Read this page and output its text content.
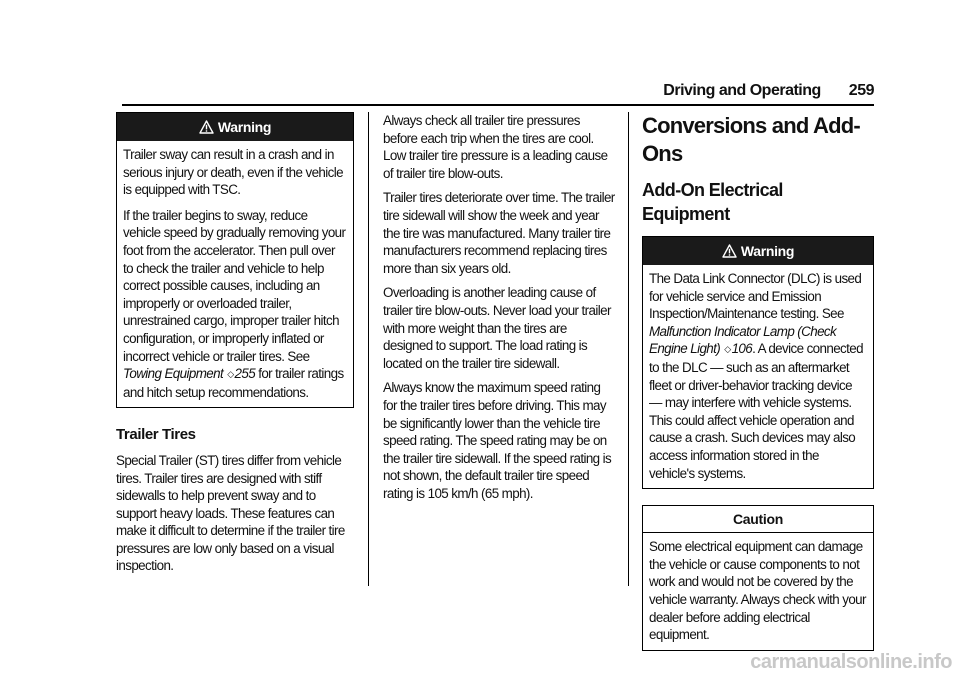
Driving and Operating 259
Warning

Trailer sway can result in a crash and in serious injury or death, even if the vehicle is equipped with TSC.

If the trailer begins to sway, reduce vehicle speed by gradually removing your foot from the accelerator. Then pull over to check the trailer and vehicle to help correct possible causes, including an improperly or overloaded trailer, unrestrained cargo, improper trailer hitch configuration, or improperly inflated or incorrect vehicle or trailer tires. See
Towing Equipment ◇255 for trailer ratings and hitch setup recommendations.

Trailer Tires

Special Trailer (ST) tires differ from vehicle tires. Trailer tires are designed with stiff sidewalls to help prevent sway and to support heavy loads. These features can make it difficult to determine if the trailer tire pressures are low only based on a visual inspection.

Always check all trailer tire pressures before each trip when the tires are cool. Low trailer tire pressure is a leading cause of trailer tire blow-outs.

Trailer tires deteriorate over time. The trailer tire sidewall will show the week and year the tire was manufactured. Many trailer tire manufacturers recommend replacing tires more than six years old.

Overloading is another leading cause of trailer tire blow-outs. Never load your trailer with more weight than the tires are designed to support. The load rating is located on the trailer tire sidewall.

Always know the maximum speed rating for the trailer tires before driving. This may be significantly lower than the vehicle tire speed rating. The speed rating may be on the trailer tire sidewall. If the speed rating is not shown, the default trailer tire speed rating is 105 km/h (65 mph).

Conversions and Add-Ons
Add-On Electrical Equipment
Warning

The Data Link Connector (DLC) is used for vehicle service and Emission Inspection/Maintenance testing. See
Malfunction Indicator Lamp (Check Engine Light) ◇106. A device connected to the DLC — such as an aftermarket fleet or driver-behavior tracking device — may interfere with vehicle systems. This could affect vehicle operation and cause a crash. Such devices may also access information stored in the vehicle's systems.

Caution

Some electrical equipment can damage the vehicle or cause components to not work and would not be covered by the vehicle warranty. Always check with your dealer before adding electrical equipment.

carmanualsonline.info
